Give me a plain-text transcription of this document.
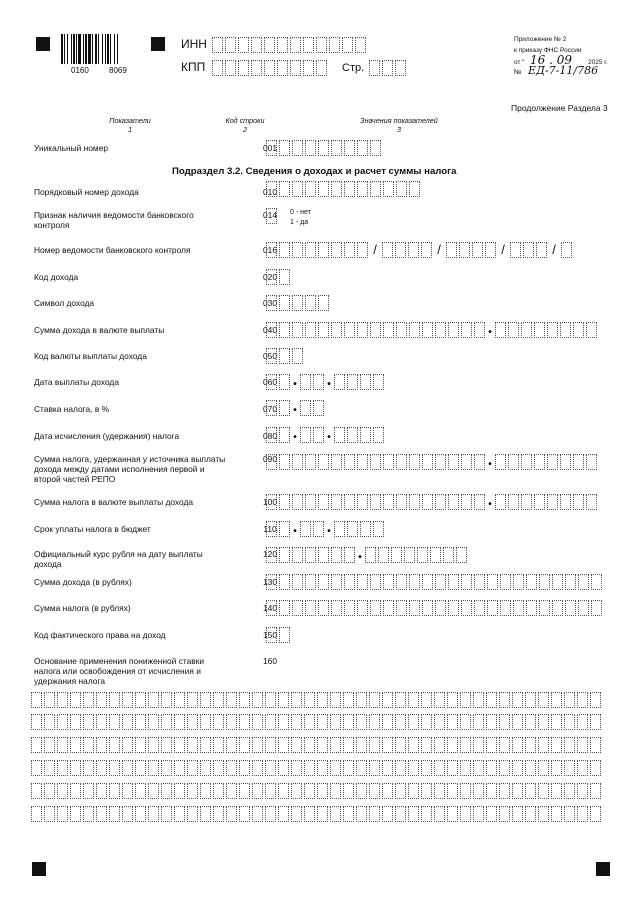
0160	8069
ИНН
КПП	Стр.
Приложение № 2
к приказу ФНС России
от “ 16 . 09 2025 г.
№ ЕД-7-11/786
Продолжение Раздела 3
Показатели
1
Код строки
2
Значения показателей
3
Уникальный номер	001
Подраздел 3.2. Сведения о доходах и расчет суммы налога
Порядковый номер дохода	010
Признак наличия ведомости банковского контроля
014
Номер ведомости банковского контроля	016
Код дохода	020
Символ дохода	030
Сумма дохода в валюте выплаты	040
Код валюты выплаты дохода	050
Дата выплаты дохода	060
Ставка налога, в %	070
Дата исчисления (удержания) налога	080
Сумма налога, удержанная у источника выплаты дохода между датами исполнения первой и второй частей РЕПО
090
Сумма налога в валюте выплаты дохода	100
Срок уплаты налога в бюджет	110
Официальный курс рубля на дату выплаты дохода
120
Сумма дохода (в рублях)	130
Сумма налога (в рублях)	140
Код фактического права на доход	150
Основание применения пониженной ставки налога или освобождения от исчисления и удержания налога
160
0 - нет
1 - да
/	/	/	/
•
•	•
•
•	•
•
•
•	•
•
